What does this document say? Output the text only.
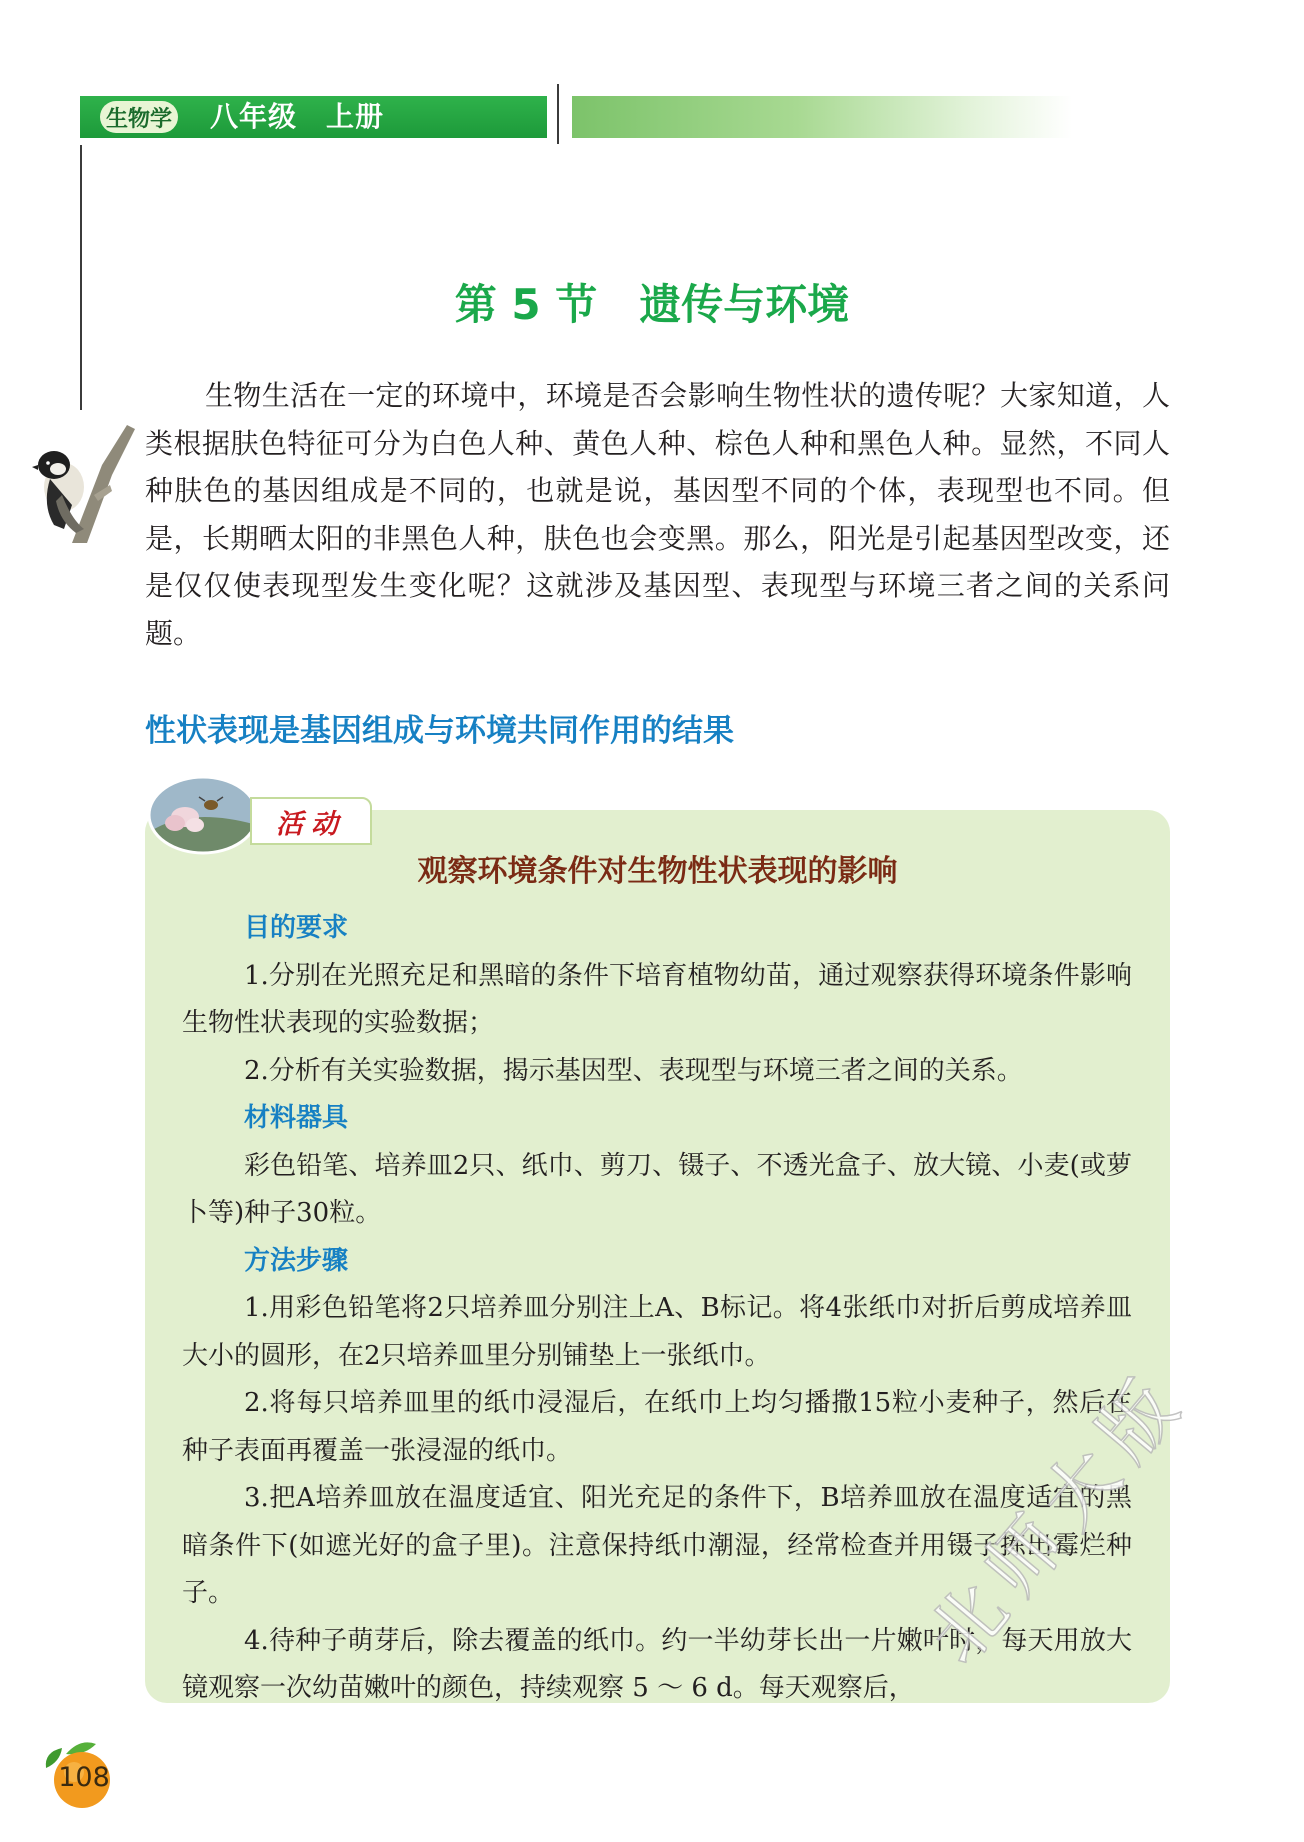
生物学 八年级　上册
第 5 节 遗传与环境
生物生活在一定的环境中，环境是否会影响生物性状的遗传呢？大家知道，人类根据肤色特征可分为白色人种、黄色人种、棕色人种和黑色人种。显然，不同人种肤色的基因组成是不同的，也就是说，基因型不同的个体，表现型也不同。但是，长期晒太阳的非黑色人种，肤色也会变黑。那么，阳光是引起基因型改变，还是仅仅使表现型发生变化呢？这就涉及基因型、表现型与环境三者之间的关系问题。
性状表现是基因组成与环境共同作用的结果
活动
观察环境条件对生物性状表现的影响
目的要求
1.分别在光照充足和黑暗的条件下培育植物幼苗，通过观察获得环境条件影响生物性状表现的实验数据；
2.分析有关实验数据，揭示基因型、表现型与环境三者之间的关系。
材料器具
彩色铅笔、培养皿2只、纸巾、剪刀、镊子、不透光盒子、放大镜、小麦(或萝卜等)种子30粒。
方法步骤
1.用彩色铅笔将2只培养皿分别注上A、B标记。将4张纸巾对折后剪成培养皿大小的圆形，在2只培养皿里分别铺垫上一张纸巾。
2.将每只培养皿里的纸巾浸湿后，在纸巾上均匀播撒15粒小麦种子，然后在种子表面再覆盖一张浸湿的纸巾。
3.把A培养皿放在温度适宜、阳光充足的条件下，B培养皿放在温度适宜的黑暗条件下(如遮光好的盒子里)。注意保持纸巾潮湿，经常检查并用镊子拣出霉烂种子。
4.待种子萌芽后，除去覆盖的纸巾。约一半幼芽长出一片嫩叶时，每天用放大镜观察一次幼苗嫩叶的颜色，持续观察 5 ～ 6 d。每天观察后，
108
北师大版
